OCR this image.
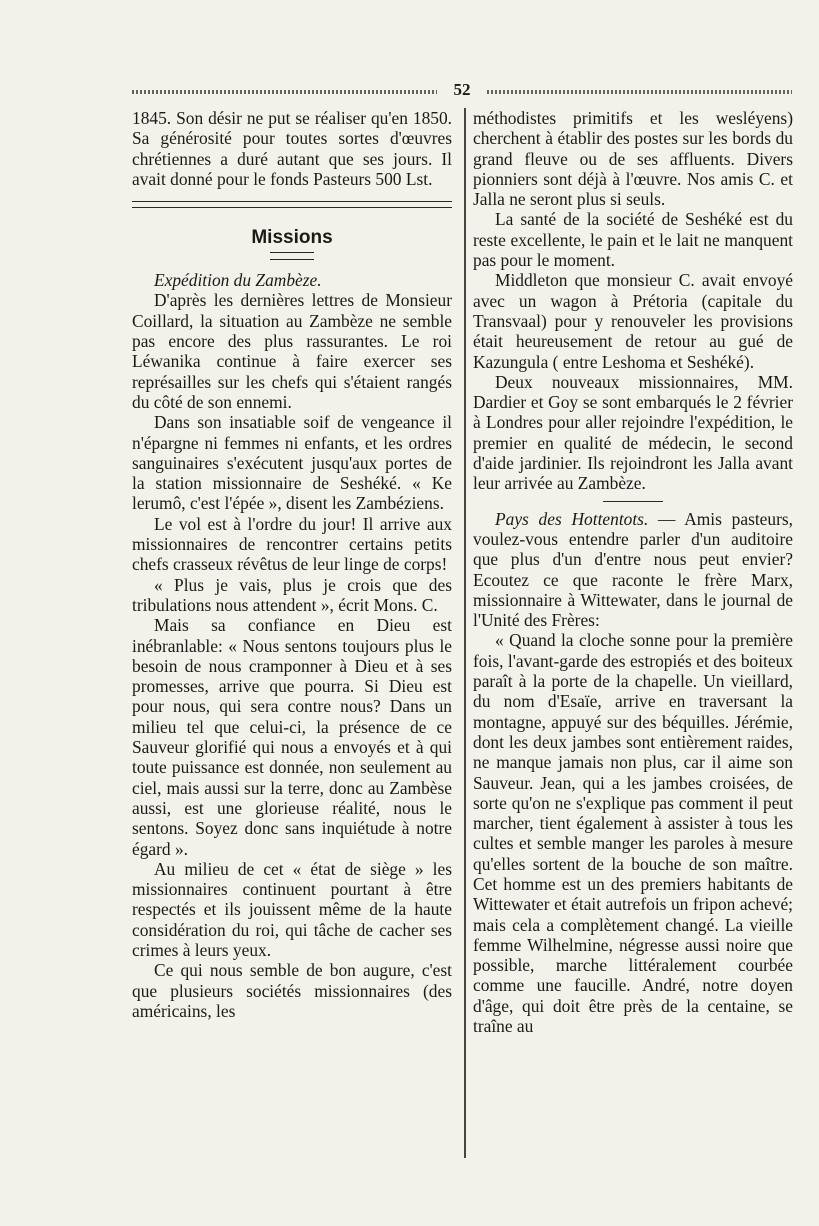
52

1845. Son désir ne put se réaliser qu'en 1850. Sa générosité pour toutes sortes d'œuvres chrétiennes a duré autant que ses jours. Il avait donné pour le fonds Pasteurs 500 Lst.

Missions

Expédition du Zambèze.

D'après les dernières lettres de Monsieur Coillard, la situation au Zambèze ne semble pas encore des plus rassurantes. Le roi Léwanika continue à faire exercer ses représailles sur les chefs qui s'étaient rangés du côté de son ennemi.

Dans son insatiable soif de vengeance il n'épargne ni femmes ni enfants, et les ordres sanguinaires s'exécutent jusqu'aux portes de la station missionnaire de Seshéké. « Ke lerumô, c'est l'épée », disent les Zambéziens.

Le vol est à l'ordre du jour! Il arrive aux missionnaires de rencontrer certains petits chefs crasseux révêtus de leur linge de corps!

« Plus je vais, plus je crois que des tribulations nous attendent », écrit Mons. C.

Mais sa confiance en Dieu est inébranlable: « Nous sentons toujours plus le besoin de nous cramponner à Dieu et à ses promesses, arrive que pourra. Si Dieu est pour nous, qui sera contre nous? Dans un milieu tel que celui-ci, la présence de ce Sauveur glorifié qui nous a envoyés et à qui toute puissance est donnée, non seulement au ciel, mais aussi sur la terre, donc au Zambèse aussi, est une glorieuse réalité, nous le sentons. Soyez donc sans inquiétude à notre égard ».

Au milieu de cet « état de siège » les missionnaires continuent pourtant à être respectés et ils jouissent même de la haute considération du roi, qui tâche de cacher ses crimes à leurs yeux.

Ce qui nous semble de bon augure, c'est que plusieurs sociétés missionnaires (des américains, les

méthodistes primitifs et les wesléyens) cherchent à établir des postes sur les bords du grand fleuve ou de ses affluents. Divers pionniers sont déjà à l'œuvre. Nos amis C. et Jalla ne seront plus si seuls.

La santé de la société de Seshéké est du reste excellente, le pain et le lait ne manquent pas pour le moment.

Middleton que monsieur C. avait envoyé avec un wagon à Prétoria (capitale du Transvaal) pour y renouveler les provisions était heureusement de retour au gué de Kazungula ( entre Leshoma et Seshéké).

Deux nouveaux missionnaires, MM. Dardier et Goy se sont embarqués le 2 février à Londres pour aller rejoindre l'expédition, le premier en qualité de médecin, le second d'aide jardinier. Ils rejoindront les Jalla avant leur arrivée au Zambèze.

Pays des Hottentots. — Amis pasteurs, voulez-vous entendre parler d'un auditoire que plus d'un d'entre nous peut envier? Ecoutez ce que raconte le frère Marx, missionnaire à Wittewater, dans le journal de l'Unité des Frères:

« Quand la cloche sonne pour la première fois, l'avant-garde des estropiés et des boiteux paraît à la porte de la chapelle. Un vieillard, du nom d'Esaïe, arrive en traversant la montagne, appuyé sur des béquilles. Jérémie, dont les deux jambes sont entièrement raides, ne manque jamais non plus, car il aime son Sauveur. Jean, qui a les jambes croisées, de sorte qu'on ne s'explique pas comment il peut marcher, tient également à assister à tous les cultes et semble manger les paroles à mesure qu'elles sortent de la bouche de son maître. Cet homme est un des premiers habitants de Wittewater et était autrefois un fripon achevé; mais cela a complètement changé. La vieille femme Wilhelmine, négresse aussi noire que possible, marche littéralement courbée comme une faucille. André, notre doyen d'âge, qui doit être près de la centaine, se traîne au
